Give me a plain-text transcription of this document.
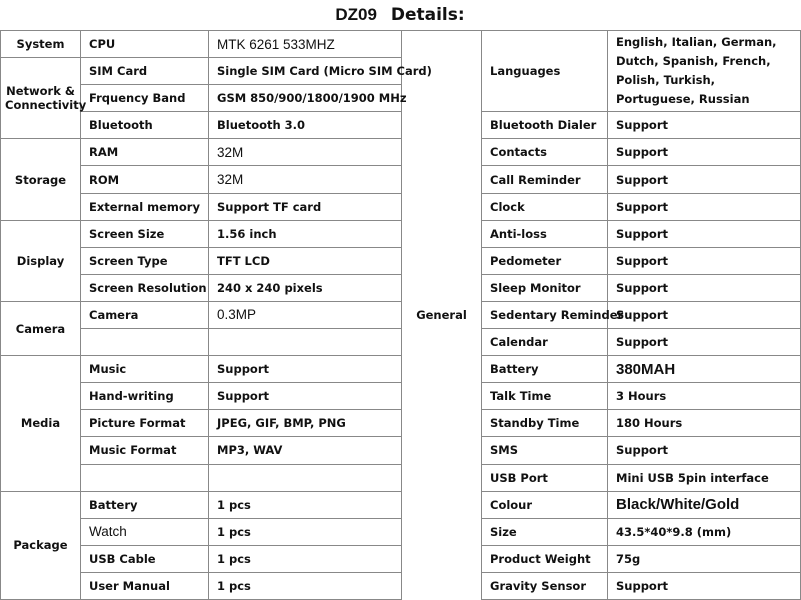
DZ09 Details:
System	CPU	MTK 6261 533MHZ	General	Languages	English, Italian, German, Dutch, Spanish, French, Polish, Turkish, Portuguese, Russian
Network & Connectivity	SIM Card	Single SIM Card (Micro SIM Card)			
	Frquency Band	GSM 850/900/1800/1900 MHz			
	Bluetooth	Bluetooth 3.0		Bluetooth Dialer	Support
Storage	RAM	32M		Contacts	Support
	ROM	32M		Call Reminder	Support
	External memory	Support TF card		Clock	Support
Display	Screen Size	1.56 inch		Anti-loss	Support
	Screen Type	TFT LCD		Pedometer	Support
	Screen Resolution	240 x 240 pixels		Sleep Monitor	Support
Camera	Camera	0.3MP		Sedentary Reminder	Support
				Calendar	Support
Media	Music	Support		Battery	380MAH
	Hand-writing	Support		Talk Time	3 Hours
	Picture Format	JPEG, GIF, BMP, PNG		Standby Time	180 Hours
	Music Format	MP3, WAV		SMS	Support
				USB Port	Mini USB 5pin interface
Package	Battery	1 pcs		Colour	Black/White/Gold
	Watch	1 pcs		Size	43.5*40*9.8 (mm)
	USB Cable	1 pcs		Product Weight	75g
	User Manual	1 pcs		Gravity Sensor	Support
